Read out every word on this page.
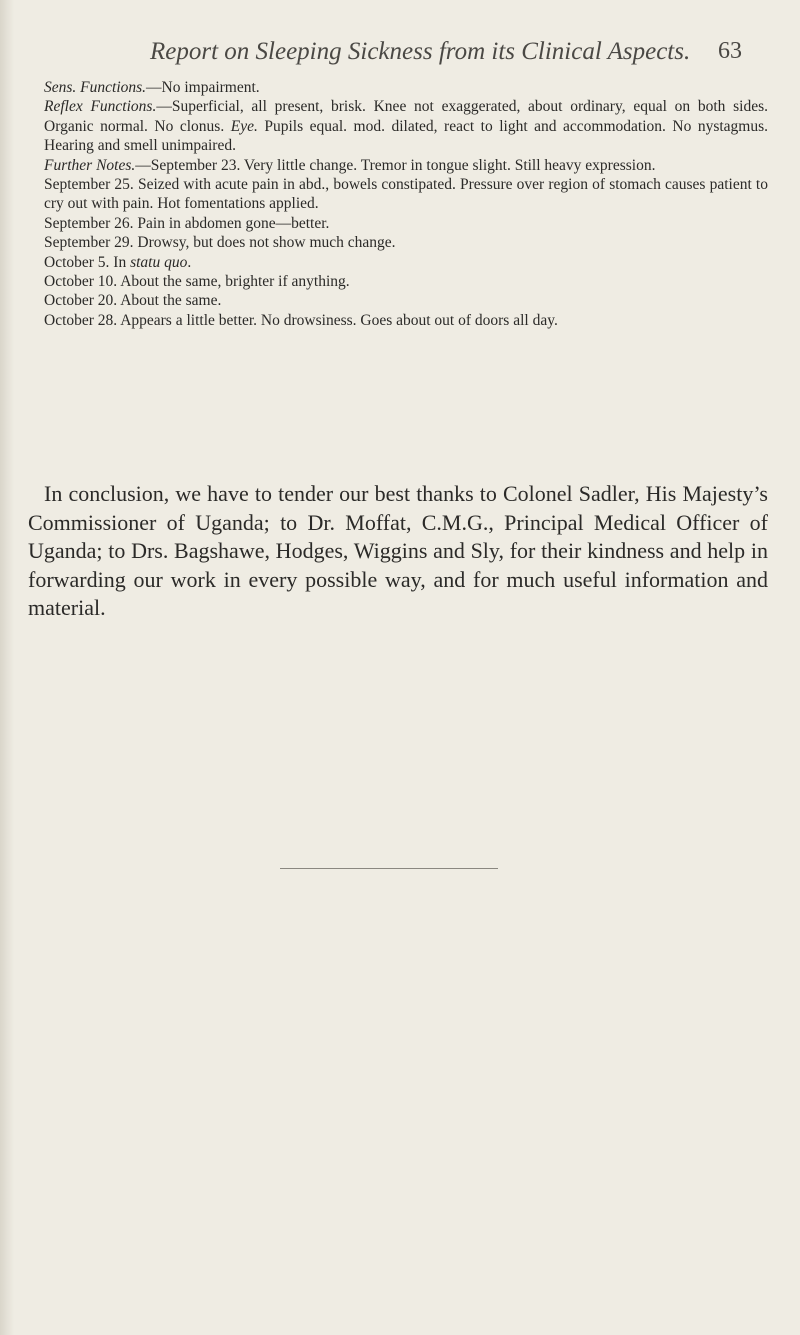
Report on Sleeping Sickness from its Clinical Aspects.	63

Sens. Functions.—No impairment.

Reflex Functions.—Superficial, all present, brisk. Knee not exaggerated, about ordinary, equal on both sides. Organic normal. No clonus. Eye. Pupils equal. mod. dilated, react to light and accommodation. No nystagmus. Hearing and smell unimpaired.

Further Notes.—September 23. Very little change. Tremor in tongue slight. Still heavy expression.

September 25. Seized with acute pain in abd., bowels constipated. Pressure over region of stomach causes patient to cry out with pain. Hot fomentations applied.

September 26. Pain in abdomen gone—better.

September 29. Drowsy, but does not show much change.

October 5. In statu quo.

October 10. About the same, brighter if anything.

October 20. About the same.

October 28. Appears a little better. No drowsiness. Goes about out of doors all day.

In conclusion, we have to tender our best thanks to Colonel Sadler, His Majesty’s Commissioner of Uganda; to Dr. Moffat, C.M.G., Principal Medical Officer of Uganda; to Drs. Bagshawe, Hodges, Wiggins and Sly, for their kindness and help in forwarding our work in every possible way, and for much useful information and material.
